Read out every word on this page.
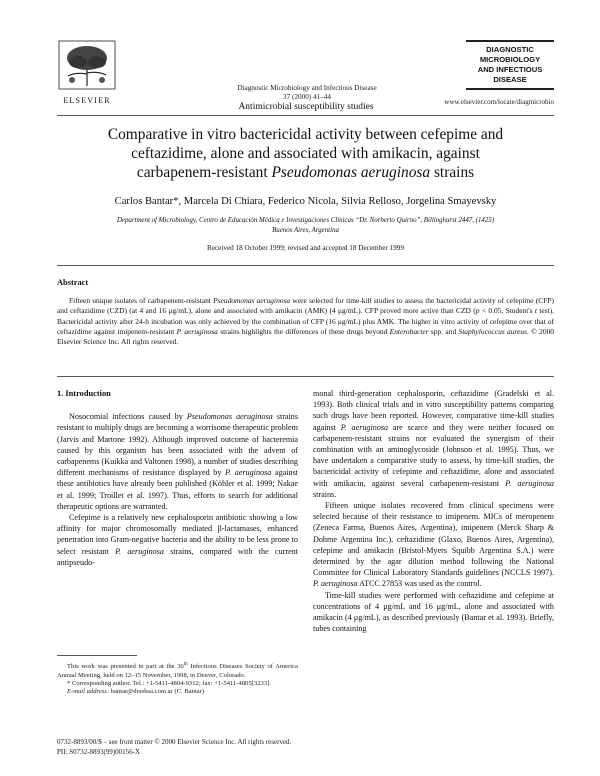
ELSEVIER
Diagnostic Microbiology and Infectious Disease
37 (2000) 41–44
Antimicrobial susceptibility studies
DIAGNOSTIC
MICROBIOLOGY
AND INFECTIOUS
DISEASE
www.elsevier.com/locate/diagmicrobio
Comparative in vitro bactericidal activity between cefepime and
ceftazidime, alone and associated with amikacin, against
carbapenem-resistant Pseudomonas aeruginosa strains
Carlos Bantar*, Marcela Di Chiara, Federico Nicola, Silvia Relloso, Jorgelina Smayevsky
Department of Microbiology, Centro de Educación Médica e Investigaciones Clínicas “Dr. Norberto Quirno”, Billinghurst 2447, (1425)
Buenos Aires, Argentina
Received 18 October 1999; revised and accepted 18 December 1999
Abstract
Fifteen unique isolates of carbapenem-resistant Pseudomonas aeruginosa were selected for time-kill studies to assess the bactericidal activity of cefepime (CFP) and ceftazidime (CZD) (at 4 and 16 μg/mL), alone and associated with amikacin (AMK) (4 μg/mL). CFP proved more active than CZD (p < 0.05, Student's t test). Bactericidal activity after 24-h incubation was only achieved by the combination of CFP (16 μg/mL) plus AMK. The higher in vitro activity of cefepime over that of ceftazidime against imipenem-resistant P. aeruginosa strains highlights the differences of these drugs beyond Enterobacter spp. and Staphylococcus aureus. © 2000 Elsevier Science Inc. All rights reserved.
1. Introduction

Nosocomial infections caused by Pseudomonas aeruginosa strains resistant to multiply drugs are becoming a worrisome therapeutic problem (Jarvis and Martone 1992). Although improved outcome of bacteremia caused by this organism has been associated with the advent of carbapenems (Kuikka and Valtonen 1998), a number of studies describing different mechanisms of resistance displayed by P. aeruginosa against these antibiotics have already been published (Köhler et al. 1999; Nakae et al. 1999; Troillet et al. 1997). Thus, efforts to search for additional therapeutic options are warranted.

Cefepime is a relatively new cephalosporin antibiotic showing a low affinity for major chromosomally mediated β-lactamases, enhanced penetration into Gram-negative bacteria and the ability to be less prone to select resistant P. aeruginosa strains, compared with the current antipseudo-

monal third-generation cephalosporin, ceftazidime (Gradelski et al. 1993). Both clinical trials and in vitro susceptibility patterns comparing such drugs have been reported. However, comparative time-kill studies against P. aeruginosa are scarce and they were neither focused on carbapenem-resistant strains nor evaluated the synergism of their combination with an aminoglycoside (Johnson et al. 1995). Thus, we have undertaken a comparative study to assess, by time-kill studies, the bactericidal activity of cefepime and ceftazidime, alone and associated with amikacin, against several carbapenem-resistant P. aeruginosa strains.

Fifteen unique isolates recovered from clinical specimens were selected because of their resistance to imipenem. MICs of meropenem (Zeneca Farma, Buenos Aires, Argentina), imipenem (Merck Sharp & Dohme Argentina Inc.), ceftazidime (Glaxo, Buenos Aires, Argentina), cefepime and amikacin (Bristol-Myers Squibb Argentina S.A.) were determined by the agar dilution method following the National Committee for Clinical Laboratory Standards guidelines (NCCLS 1997). P. aeruginosa ATCC 27853 was used as the control.

Time-kill studies were performed with ceftazidime and cefepime at concentrations of 4 μg/mL and 16 μg/mL, alone and associated with amikacin (4 μg/mL), as described previously (Bantar et al. 1993). Briefly, tubes containing

This work was presented in part at the 36th Infectious Diseases Society of America Annual Meeting, held on 12–15 November, 1998, in Denver, Colorado.
* Corresponding author. Tel.: +1-5411-4804-9312; fax: +1-5411-4805[3233].
E-mail address: bantar@drsebsa.com.ar (C. Bantar)
0732-8893/00/$ – see front matter © 2000 Elsevier Science Inc. All rights reserved.
PII: S0732-8893(99)00156-X
